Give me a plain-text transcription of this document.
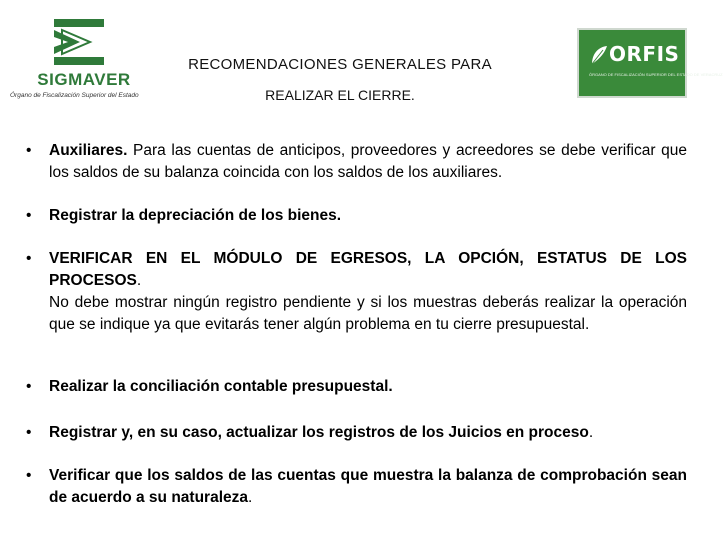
SIGMAVER
Órgano de Fiscalización Superior del Estado
RECOMENDACIONES GENERALES PARA
REALIZAR EL CIERRE.
ORFIS
ÓRGANO DE FISCALIZACIÓN SUPERIOR DEL ESTADO DE VERACRUZ
•	Auxiliares. Para las cuentas de anticipos, proveedores y acreedores se debe verificar que los saldos de su balanza coincida con los saldos de los auxiliares.
•	Registrar la depreciación de los bienes.
•	VERIFICAR EN EL MÓDULO DE EGRESOS, LA OPCIÓN, ESTATUS DE LOS PROCESOS.
No debe mostrar ningún registro pendiente y si los muestras deberás realizar la operación que se indique ya que evitarás tener algún problema en tu cierre presupuestal.
•	Realizar la conciliación contable presupuestal.
•	Registrar y, en su caso, actualizar los registros de los Juicios en proceso.
•	Verificar que los saldos de las cuentas que muestra la balanza de comprobación sean de acuerdo a su naturaleza.
